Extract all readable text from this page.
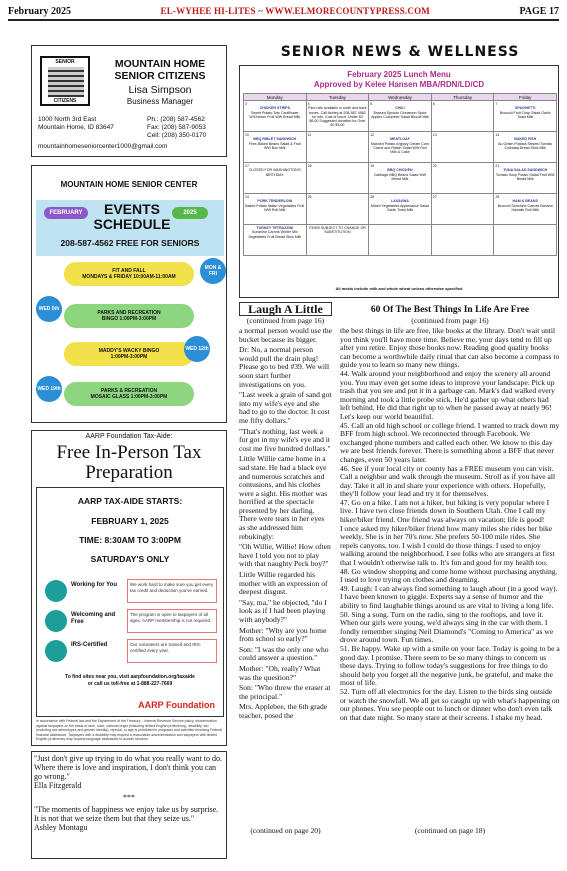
February 2025	EL-WYHEE HI-LITES ~ WWW.ELMORECOUNTYPRESS.COM	PAGE 17
SENIOR
CITIZENS
MOUNTAIN HOME
SENIOR CITIZENS
Lisa Simpson
Business Manager
1000 North 3rd East
Mountain Home, ID 83647
Ph.: (208) 587-4562
Fax: (208) 587-9053
Cell: (208) 350-0170
mountainhomeseniorcenter1000@gmail.com
MOUNTAIN HOME SENIOR CENTER
FEBRUARY	2025
EVENTS SCHEDULE
208-587-4562 FREE FOR SENIORS
FIT AND FALL
MONDAYS & FRIDAY 10:00AM-11:00AM
MON & FRI
PARKS AND RECREATION
BINGO 1:00PM-3:00PM
WED 5th
MADDY'S WACKY BINGO
1:00PM-3:00PM
WED 12th
PARKS & RECREATION
MOSAIC GLASS 1:00PM-3:00PM
WED 19th
AARP Foundation Tax-Aide:
Free In-Person Tax Preparation
AARP TAX-AIDE STARTS:
FEBRUARY 1, 2025
TIME: 8:30AM TO 3:00PM
SATURDAY'S ONLY
Working for You	We work hard to make sure you get every tax credit and deduction you've earned.
Welcoming and Free
The program is open to taxpayers of all ages. AARP membership is not required.
IRS-Certified	Our volunteers are trained and IRS-certified every year.
To find sites near you, visit aarpfoundation.org/taxaide
or call us toll-free at 1-888-227-7669
AARP Foundation
In accordance with Federal law and the Department of the Treasury – Internal Revenue Service policy, discrimination against taxpayers on the basis of race, color, national origin (including limited English proficiency), disability, sex (including sex stereotypes and gender identity), reprisal, or age is prohibited in programs and activities receiving Federal financial assistance. Taxpayers with a disability may request a reasonable accommodation and taxpayers with limited English proficiency may request language assistance to access services.

"Just don't give up trying to do what you really want to do. Where there is love and inspiration, I don't think you can go wrong."

Ella Fitzgerald

***

"The moments of happiness we enjoy take us by surprise. It is not that we seize them but that they seize us."

Ashley Montagu

SENIOR NEWS & WELLNESS
February 2025 Lunch Menu
Approved by Kelee Hansen MBA/RDN/LD/CD
Monday	Tuesday	Wednesday	Thursday	Friday

3
CHICKEN STRIPS
Sweet Potato Tots Cauliflower W/Cheese Fruit WW Bread Milk	4
Rice rolls available in north and back boxes. Call Ashley at 208-587-4562 for info. Cost of lunch: Under 60 $6.00 Suggested donation for Over 60 $3.00	5
CHILI
Braised Sprouts Cinnamon Spice Apples Cucumber Salad Biscuit Milk	6	7
SPAGHETTI
Broccoli Fruit Crisp Salad Garlic Toast Milk

10
BBQ RIBLET SANDWICH
Fries Baked Beans Salad & Fruit WW Bun Milk	11	12
MEATLOAF
Mashed Potato w/gravy Cream Corn Carrot and Raisin Salad WW Roll Milk & Cake	13	14
BAKED FISH
Au Gratin Potatos Stewed Tomato Coleslaw Bread Stick Milk

17
CLOSED FOR WASHINGTON'S BIRTHDAY	18	19
BBQ CHICKEN
Cabbage BBQ Beans Salad WW Bread Milk	20	21
TUNA SALAD SANDWICH
Tomato Soup Potato Salad Fruit WW Bread Milk

24
PORK TENDERLOIN
Baked Potato Italian Vegetables Fruit WW Roll Milk	25	26
LASAGNA
Mixed Vegetables Applesauce Salad Garlic Toast Milk	27	28
HAM & BEANS
Broccoli Sunshine Carrots Banana Hawaiin Roll Milk

TURKEY TETRAZZINI
Sunshine Carrots Winter Mix Vegetables Fruit Bread Stick Milk	ITEMS SUBJECT TO CHANGE OR SUBSTITUTION			

All meals include milk and whole wheat unless otherwise specified
Laugh A Little
(continued from page 16)

a normal person would use the bucket because its bigger.

Dr: No, a normal person would pull the drain plug! Please go to bed #39. We will soon start further investigations on you.

"Last week a grain of sand got into my wife's eye and she had to go to the doctor. It cost me fifty dollars."

"That's nothing, last week a fur got in my wife's eye and it cost me five hundred dollars."

Little Willie came home in a sad state. He had a black eye and numerous scratches and contusions, and his clothes were a sight. His mother was horrified at the spectacle presented by her darling. There were tears in her eyes as she addressed him rebukingly:

"Oh Willie, Willie! How often have I told you not to play with that naughty Peck boy?"

Little Willie regarded his mother with an expression of deepest disgust.

"Say, ma," he objected, "do I look as if I had been playing with anybody?"

Mother: "Why are you home from school so early?"

Son: "I was the only one who could answer a question."

Mother: "Oh, really? What was the question?"

Son: "Who threw the eraser at the principal."

Mrs. Applebee, the 6th grade teacher, posed the

(continued on page 20)
60 Of The Best Things In Life Are Free
(continued from page 16)

the best things in life are free, like books at the library. Don't wait until you think you'll have more time. Believe me, your days tend to fill up after you retire. Enjoy those books now. Reading good quality books can become a worthwhile daily ritual that can also become a compass to guide you to learn so many new things.

44. Walk around your neighborhood and enjoy the scenery all around you. You may even get some ideas to improve your landscape. Pick up trash that you see and put it in a garbage can. Mark's dad walked every morning and took a little probe stick. He'd gather up what others had left behind. He did that right up to when he passed away at nearly 96! Let's keep our world beautiful.

45. Call an old high school or college friend. I wanted to track down my BFF from high school. We reconnected through Facebook. We exchanged phone numbers and called each other. We know to this day we are best friends forever. There is something about a BFF that never changes, even 50 years later.

46. See if your local city or county has a FREE museum you can visit. Call a neighbor and walk through the museum. Stroll as if you have all day. Take it all in and share your experience with others. Hopefully, they'll follow your lead and try it for themselves.

47. Go on a hike. I am not a hiker, but hiking is very popular where I live. I have two close friends down in Southern Utah. One I call my hiker/biker friend. One friend was always on vacation; life is good!

I once asked my hiker/biker friend how many miles she rides her bike weekly. She is in her 70's now. She prefers 50-100 mile rides. She repels canyons, too. I wish I could do those things. I used to enjoy walking around the neighborhood. I see folks who are strangers at first that I wouldn't otherwise talk to. It's fun and good for my health too.

48. Go window shopping and come home without purchasing anything. I used to love trying on clothes and dreaming.

49. Laugh: I can always find something to laugh about (in a good way). I have been known to giggle. Experts say a sense of humor and the ability to find laughable things around us are vital to living a long life.

50. Sing a song. Turn on the radio, sing to the rooftops, and love it. When our girls were young, we'd always sing in the car with them. I fondly remember singing Neil Diamond's "Coming to America" as we drove around town. Fun times.

51. Be happy. Wake up with a smile on your face. Today is going to be a good day. I promise. There seem to be so many things to concern us these days. Trying to follow today's suggestions for free things to do should help you forget all the negative junk, be grateful, and make the most of life.

52. Turn off all electronics for the day. Listen to the birds sing outside or watch the snowfall. We all get so caught up with what's happening on our phones. You see people out to lunch or dinner who don't even talk on that date night. So many stare at their screens. I shake my head.

(continued on page 18)
